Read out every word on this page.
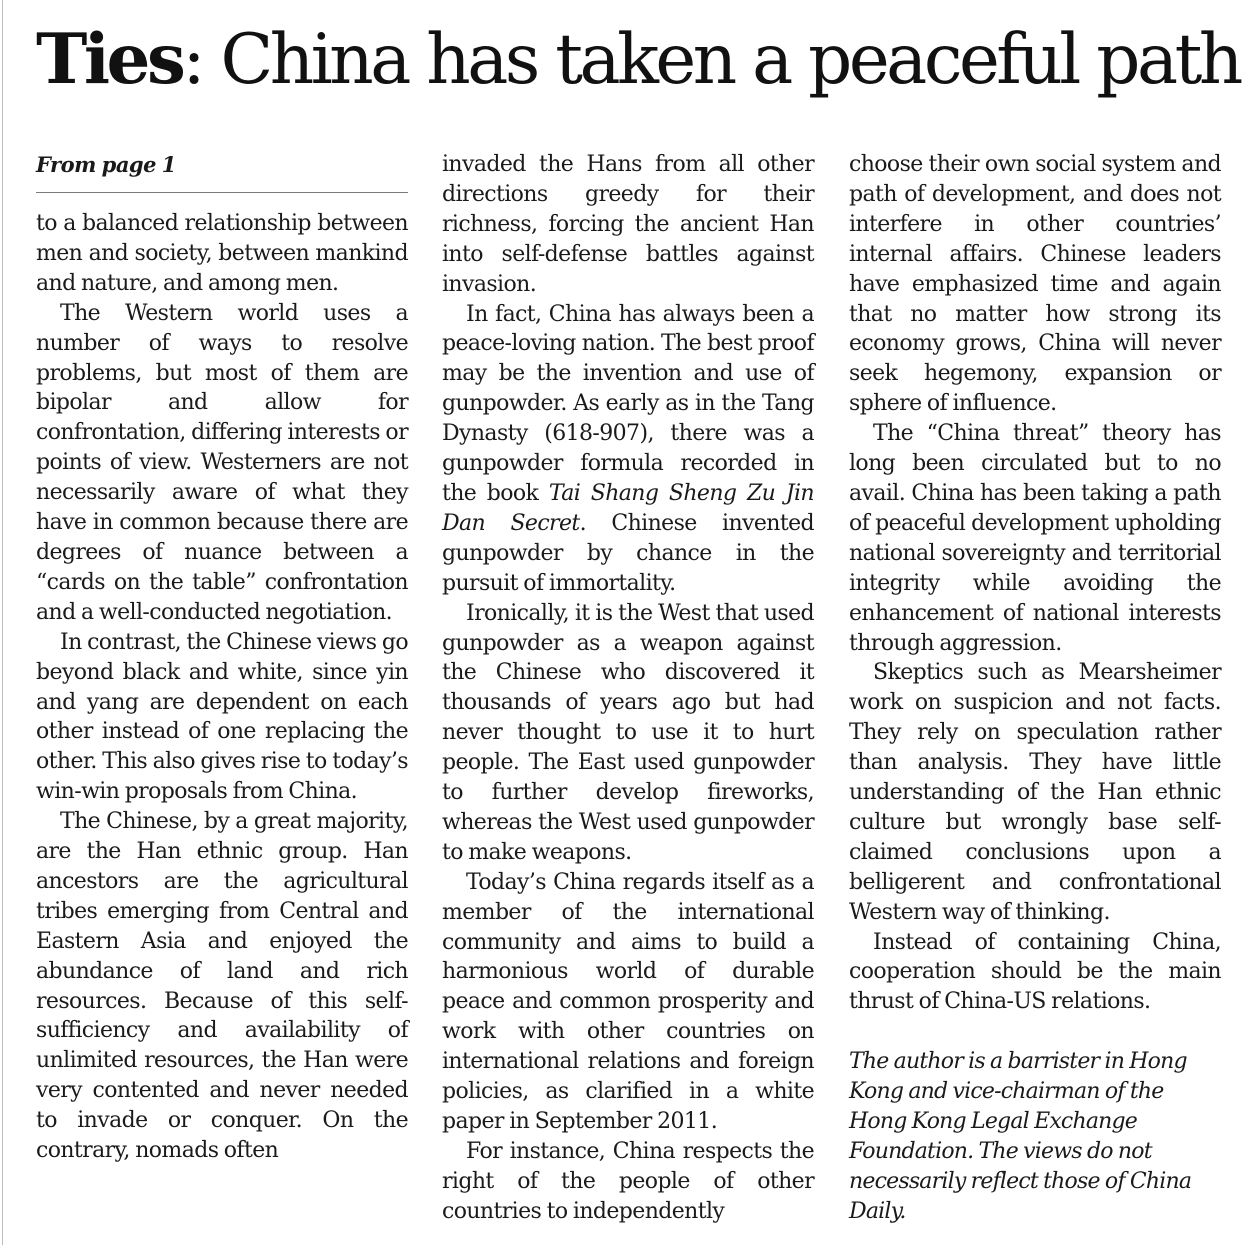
Ties: China has taken a peaceful path
From page 1

to a balanced relationship between men and society, between mankind and nature, and among men.

The Western world uses a number of ways to resolve problems, but most of them are bipolar and allow for confrontation, differing interests or points of view. Westerners are not necessarily aware of what they have in common because there are degrees of nuance between a “cards on the table” confrontation and a well-conducted negotiation.

In contrast, the Chinese views go beyond black and white, since yin and yang are dependent on each other instead of one replacing the other. This also gives rise to today’s win-win proposals from China.

The Chinese, by a great majority, are the Han ethnic group. Han ancestors are the agricultural tribes emerging from Central and Eastern Asia and enjoyed the abundance of land and rich resources. Because of this self-sufficiency and availability of unlimited resources, the Han were very contented and never needed to invade or conquer. On the contrary, nomads often

invaded the Hans from all other directions greedy for their richness, forcing the ancient Han into self-defense battles against invasion.

In fact, China has always been a peace-loving nation. The best proof may be the invention and use of gunpowder. As early as in the Tang Dynasty (618-907), there was a gunpowder formula recorded in the book Tai Shang Sheng Zu Jin Dan Secret. Chinese invented gunpowder by chance in the pursuit of immortality.

Ironically, it is the West that used gunpowder as a weapon against the Chinese who discovered it thousands of years ago but had never thought to use it to hurt people. The East used gunpowder to further develop fireworks, whereas the West used gunpowder to make weapons.

Today’s China regards itself as a member of the international community and aims to build a harmonious world of durable peace and common prosperity and work with other countries on international relations and foreign policies, as clarified in a white paper in September 2011.

For instance, China respects the right of the people of other countries to independently

choose their own social system and path of development, and does not interfere in other countries’ internal affairs. Chinese leaders have emphasized time and again that no matter how strong its economy grows, China will never seek hegemony, expansion or sphere of influence.

The “China threat” theory has long been circulated but to no avail. China has been taking a path of peaceful development upholding national sovereignty and territorial integrity while avoiding the enhancement of national interests through aggression.

Skeptics such as Mearsheimer work on suspicion and not facts. They rely on speculation rather than analysis. They have little understanding of the Han ethnic culture but wrongly base self-claimed conclusions upon a belligerent and confrontational Western way of thinking.

Instead of containing China, cooperation should be the main thrust of China-US relations.

The author is a barrister in Hong Kong and vice-chairman of the Hong Kong Legal Exchange Foundation. The views do not necessarily reflect those of China Daily.
